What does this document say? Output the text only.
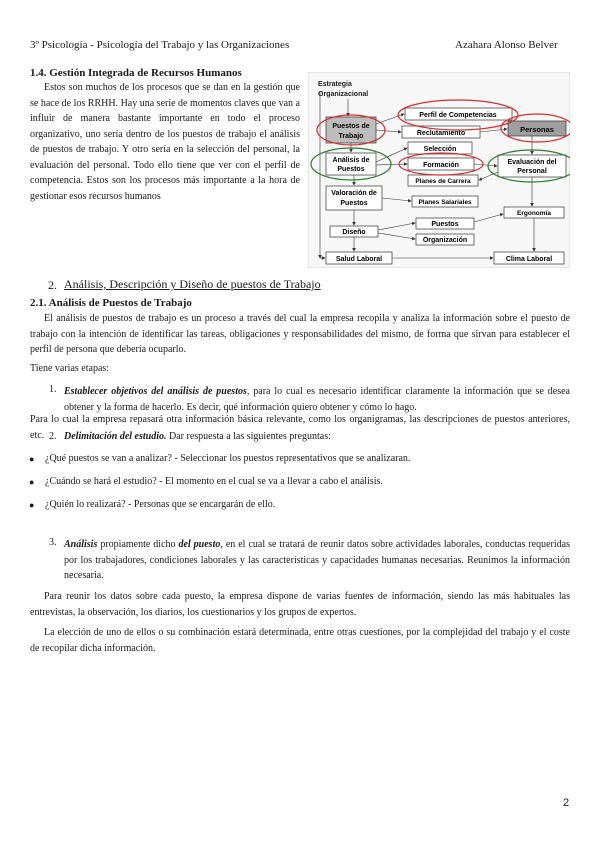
3º Psicología - Psicología del Trabajo y las Organizaciones	Azahara Alonso Belver
1.4. Gestión Integrada de Recursos Humanos
Estos son muchos de los procesos que se dan en la gestión que se hace de los RRHH. Hay una serie de momentos claves que van a influir de manera bastante importante en todo el proceso organizativo, uno sería dentro de los puestos de trabajo el análisis de puestos de trabajo. Y otro sería en la selección del personal, la evaluación del personal. Todo ello tiene que ver con el perfil de competencia. Estos son los procesos más importante a la hora de gestionar esos recursos humanos
Estrategia
Organizacional
Perfil de Competencias
Puestos de
Trabajo	Reclutamiento	Personas
Selección
Análisis de
Puestos
Formación	Evaluación del
Personal
Planes de Carrera
Valoración de
Puestos	Planes Salariales
Ergonomía
Puestos
Diseño
Organización
Salud Laboral	Clima Laboral
2. Análisis, Descripción y Diseño de puestos de Trabajo
2.1. Análisis de Puestos de Trabajo
El análisis de puestos de trabajo es un proceso a través del cual la empresa recopila y analiza la información sobre el puesto de trabajo con la intención de identificar las tareas, obligaciones y responsabilidades del mismo, de forma que sirvan para establecer el perfil de persona que debería ocuparlo.
Tiene varias etapas:
1. Establecer objetivos del análisis de puestos, para lo cual es necesario identificar claramente la información que se desea obtener y la forma de hacerlo. Es decir, qué información quiero obtener y cómo lo hago.
Para lo cual la empresa repasará otra información básica relevante, como los organigramas, las descripciones de puestos anteriores, etc. 2. Delimitación del estudio. Dar respuesta a las siguientes preguntas:
● ¿Qué puestos se van a analizar? - Seleccionar los puestos representativos que se analizaran.
● ¿Cuándo se hará el estudio? - El momento en el cual se va a llevar a cabo el análisis.
● ¿Quién lo realizará? - Personas que se encargarán de ello.
3. Análisis propiamente dicho del puesto, en el cual se tratará de reunir datos sobre actividades laborales, conductas requeridas por los trabajadores, condiciones laborales y las características y capacidades humanas necesarias. Reunimos la información necesaria.
Para reunir los datos sobre cada puesto, la empresa dispone de varias fuentes de información, siendo las más habituales las entrevistas, la observación, los diarios, los cuestionarios y los grupos de expertos.
La elección de uno de ellos o su combinación estará determinada, entre otras cuestiones, por la complejidad del trabajo y el coste de recopilar dicha información.
2
